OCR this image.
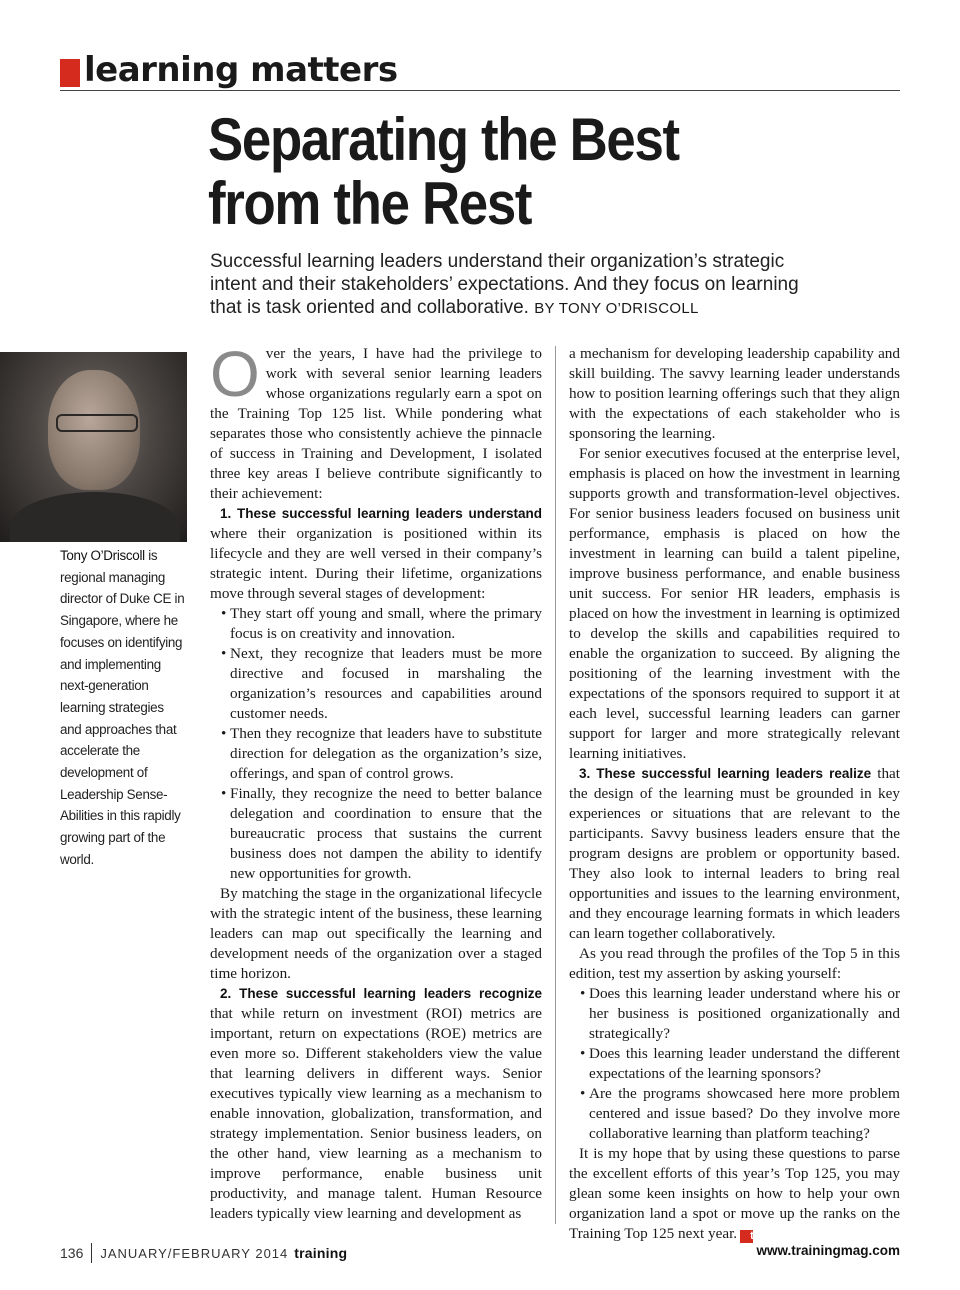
learning matters
Separating the Best
from the Rest
Successful learning leaders understand their organization’s strategic intent and their stakeholders’ expectations. And they focus on learning that is task oriented and collaborative. BY TONY O’DRISCOLL
Tony O’Driscoll is regional managing director of Duke CE in Singapore, where he focuses on identifying and implementing next-generation learning strategies and approaches that accelerate the development of Leadership Sense-Abilities in this rapidly growing part of the world.

Over the years, I have had the privilege to work with several senior learning leaders whose organizations regularly earn a spot on the Training Top 125 list. While pondering what separates those who consistently achieve the pinnacle of success in Training and Development, I isolated three key areas I believe contribute significantly to their achievement:

1. These successful learning leaders understand where their organization is positioned within its lifecycle and they are well versed in their company’s strategic intent. During their lifetime, organizations move through several stages of development:

• They start off young and small, where the primary focus is on creativity and innovation.
• Next, they recognize that leaders must be more directive and focused in marshaling the organization’s resources and capabilities around customer needs.
• Then they recognize that leaders have to substitute direction for delegation as the organization’s size, offerings, and span of control grows.
• Finally, they recognize the need to better balance delegation and coordination to ensure that the bureaucratic process that sustains the current business does not dampen the ability to identify new opportunities for growth.

By matching the stage in the organizational lifecycle with the strategic intent of the business, these learning leaders can map out specifically the learning and development needs of the organization over a staged time horizon.

2. These successful learning leaders recognize that while return on investment (ROI) metrics are important, return on expectations (ROE) metrics are even more so. Different stakeholders view the value that learning delivers in different ways. Senior executives typically view learning as a mechanism to enable innovation, globalization, transformation, and strategy implementation. Senior business leaders, on the other hand, view learning as a mechanism to improve performance, enable business unit productivity, and manage talent. Human Resource leaders typically view learning and development as

a mechanism for developing leadership capability and skill building. The savvy learning leader understands how to position learning offerings such that they align with the expectations of each stakeholder who is sponsoring the learning.

For senior executives focused at the enterprise level, emphasis is placed on how the investment in learning supports growth and transformation-level objectives. For senior business leaders focused on business unit performance, emphasis is placed on how the investment in learning can build a talent pipeline, improve business performance, and enable business unit success. For senior HR leaders, emphasis is placed on how the investment in learning is optimized to develop the skills and capabilities required to enable the organization to succeed. By aligning the positioning of the learning investment with the expectations of the sponsors required to support it at each level, successful learning leaders can garner support for larger and more strategically relevant learning initiatives.

3. These successful learning leaders realize that the design of the learning must be grounded in key experiences or situations that are relevant to the participants. Savvy business leaders ensure that the program designs are problem or opportunity based. They also look to internal leaders to bring real opportunities and issues to the learning environment, and they encourage learning formats in which leaders can learn together collaboratively.

As you read through the profiles of the Top 5 in this edition, test my assertion by asking yourself:

• Does this learning leader understand where his or her business is positioned organizationally and strategically?
• Does this learning leader understand the different expectations of the learning sponsors?
• Are the programs showcased here more problem centered and issue based? Do they involve more collaborative learning than platform teaching?

It is my hope that by using these questions to parse the excellent efforts of this year’s Top 125, you may glean some keen insights on how to help your own organization land a spot or move up the ranks on the Training Top 125 next year. t

136 JANUARY/FEBRUARY 2014 training	www.trainingmag.com
